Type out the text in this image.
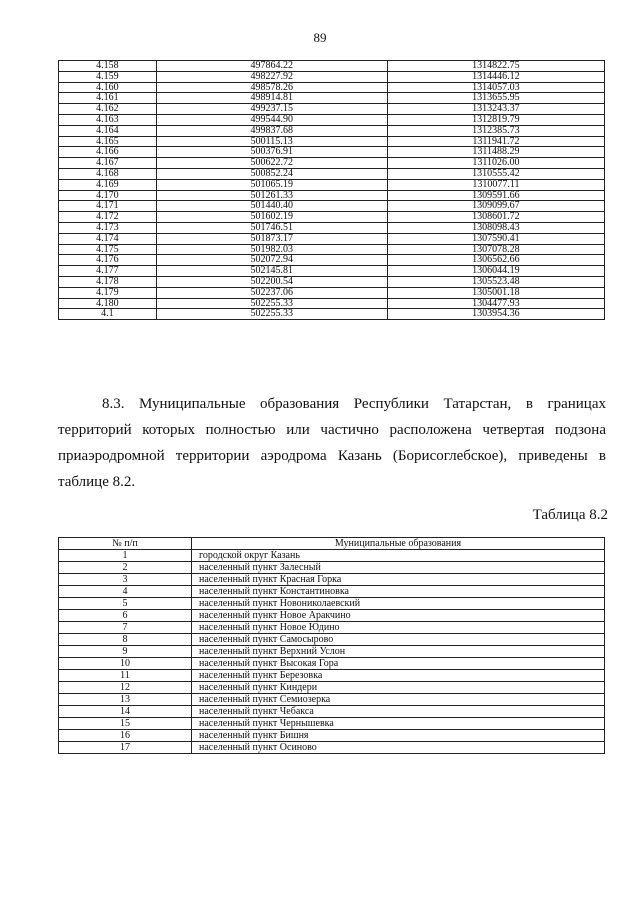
89
4.158	497864.22	1314822.75
4.159	498227.92	1314446.12
4.160	498578.26	1314057.03
4.161	498914.81	1313655.95
4.162	499237.15	1313243.37
4.163	499544.90	1312819.79
4.164	499837.68	1312385.73
4.165	500115.13	1311941.72
4.166	500376.91	1311488.29
4.167	500622.72	1311026.00
4.168	500852.24	1310555.42
4.169	501065.19	1310077.11
4.170	501261.33	1309591.66
4.171	501440.40	1309099.67
4.172	501602.19	1308601.72
4.173	501746.51	1308098.43
4.174	501873.17	1307590.41
4.175	501982.03	1307078.28
4.176	502072.94	1306562.66
4.177	502145.81	1306044.19
4.178	502200.54	1305523.48
4.179	502237.06	1305001.18
4.180	502255.33	1304477.93
4.1	502255.33	1303954.36

8.3. Муниципальные образования Республики Татарстан, в границах территорий которых полностью или частично расположена четвертая подзона приаэродромной территории аэродрома Казань (Борисоглебское), приведены в таблице 8.2.

Таблица 8.2
№ п/п	Муниципальные образования
1	городской округ Казань
2	населенный пункт Залесный
3	населенный пункт Красная Горка
4	населенный пункт Константиновка
5	населенный пункт Новониколаевский
6	населенный пункт Новое Аракчино
7	населенный пункт Новое Юдино
8	населенный пункт Самосырово
9	населенный пункт Верхний Услон
10	населенный пункт Высокая Гора
11	населенный пункт Березовка
12	населенный пункт Киндери
13	населенный пункт Семиозерка
14	населенный пункт Чебакса
15	населенный пункт Чернышевка
16	населенный пункт Бишня
17	населенный пункт Осиново
